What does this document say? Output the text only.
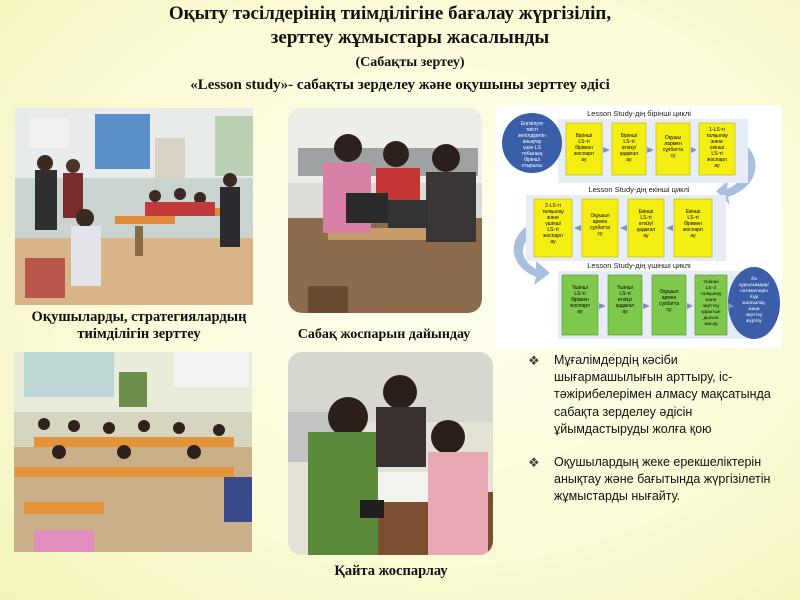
Оқыту тәсілдерінің тиімділігіне бағалау жүргізіліп,
зерттеу жұмыстары жасалынды
(Сабақты зертеу)
«Lesson study»- сабақты зерделеу және оқушыны зерттеу әдісі
Оқушыларды, стратегиялардың тиімділігін зерттеу	Сабақ жоспарын дайындау
Қайта жоспарлау
Lesson Study-дің бірінші циклі
Lesson Study-дің екінші циклі
Lesson Study-дің үшінші циклі
Еңгізілуге тиісті жетілдіретін анықтау үшін LS тобының бірінші отырысы
Ӛз құрылымдар/ нәтижелерін /ізді жалпылау, жаңа зерттеу жүргізу
Бірінші LS-ті біріккен жоспарл ау
Бірінші LS-ті өткізу/ қадағал ау
Оқушы лармен сұхбатта су
1-LS-ті талқылау және екінші LS-ті жоспарл ау
2-LS-ті талқылау және үшінші LS-ті жоспарл ау
Оқушыл армен сұхбатта су
Екінші LS-ті өткізу/ қадағал ау
Екінші LS-ті біріккен жоспарл ау
Үшінші LS-ті біріккен жоспарл ау
Үшінші LS-ті өткізу/ қадағал ау
Оқушыл армен сұхбатта су
Үшінші LS-ті талқылау және зерттеу қорытын дысын жасау
❖ Мұғалімдердің кәсіби шығармашылығын арттыру, іс-тәжірибелерімен алмасу мақсатында сабақта зерделеу әдісін ұйымдастыруды жолға қою
❖ Оқушылардың жеке ерекшеліктерін анықтау және бағытында жүргізілетін жұмыстарды нығайту.
